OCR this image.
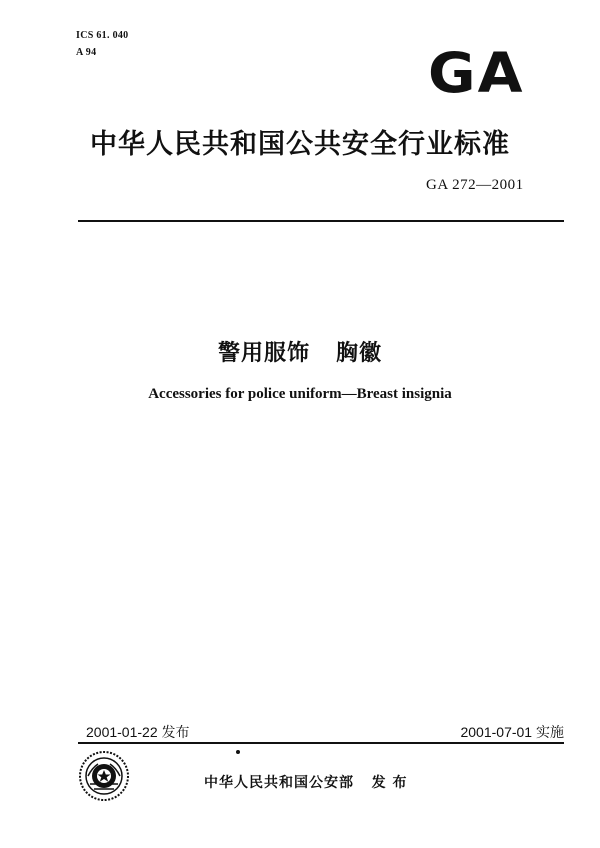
ICS 61. 040
A 94	GA
中华人民共和国公共安全行业标准
GA 272—2001
警用服饰   胸徽
Accessories for police uniform—Breast insignia
2001-01-22 发布	2001-07-01 实施
中华人民共和国公安部   发 布
